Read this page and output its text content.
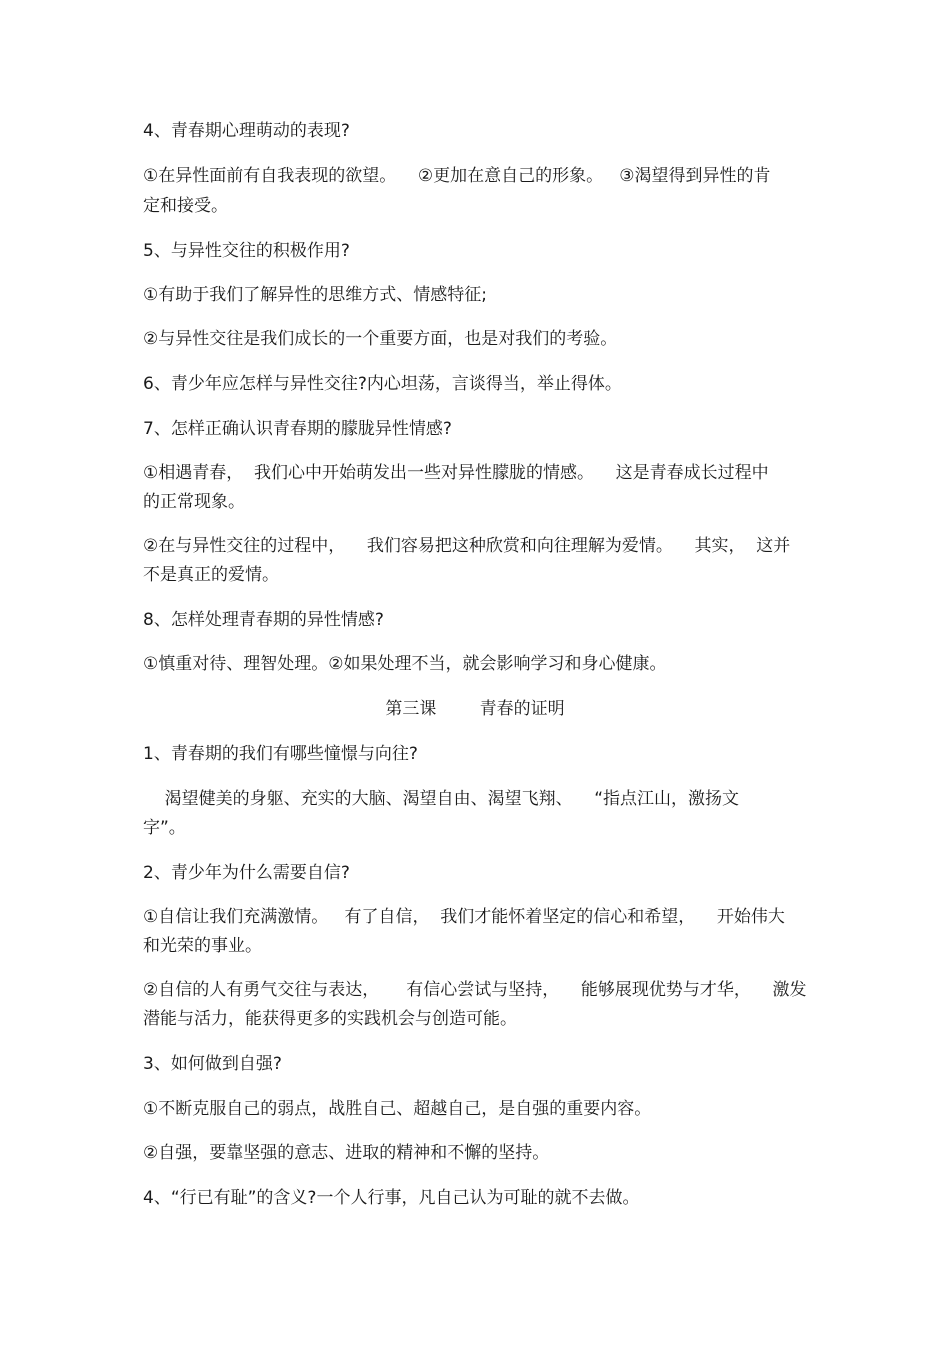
4、青春期心理萌动的表现?
①在异性面前有自我表现的欲望。    ②更加在意自己的形象。   ③渴望得到异性的肯
定和接受。
5、与异性交往的积极作用?
①有助于我们了解异性的思维方式、情感特征;
②与异性交往是我们成长的一个重要方面，也是对我们的考验。
6、青少年应怎样与异性交往?内心坦荡，言谈得当，举止得体。
7、怎样正确认识青春期的朦胧异性情感?
①相遇青春，  我们心中开始萌发出一些对异性朦胧的情感。    这是青春成长过程中
的正常现象。
②在与异性交往的过程中，    我们容易把这种欣赏和向往理解为爱情。    其实，  这并
不是真正的爱情。
8、怎样处理青春期的异性情感?
①慎重对待、理智处理。②如果处理不当，就会影响学习和身心健康。
第三课        青春的证明
1、青春期的我们有哪些憧憬与向往?
渴望健美的身躯、充实的大脑、渴望自由、渴望飞翔、    “指点江山，激扬文
字”。
2、青少年为什么需要自信?
①自信让我们充满激情。   有了自信，  我们才能怀着坚定的信心和希望，    开始伟大
和光荣的事业。
②自信的人有勇气交往与表达，     有信心尝试与坚持，    能够展现优势与才华，    激发
潜能与活力，能获得更多的实践机会与创造可能。
3、如何做到自强?
①不断克服自己的弱点，战胜自己、超越自己，是自强的重要内容。
②自强，要靠坚强的意志、进取的精神和不懈的坚持。
4、“行已有耻”的含义?一个人行事，凡自己认为可耻的就不去做。
